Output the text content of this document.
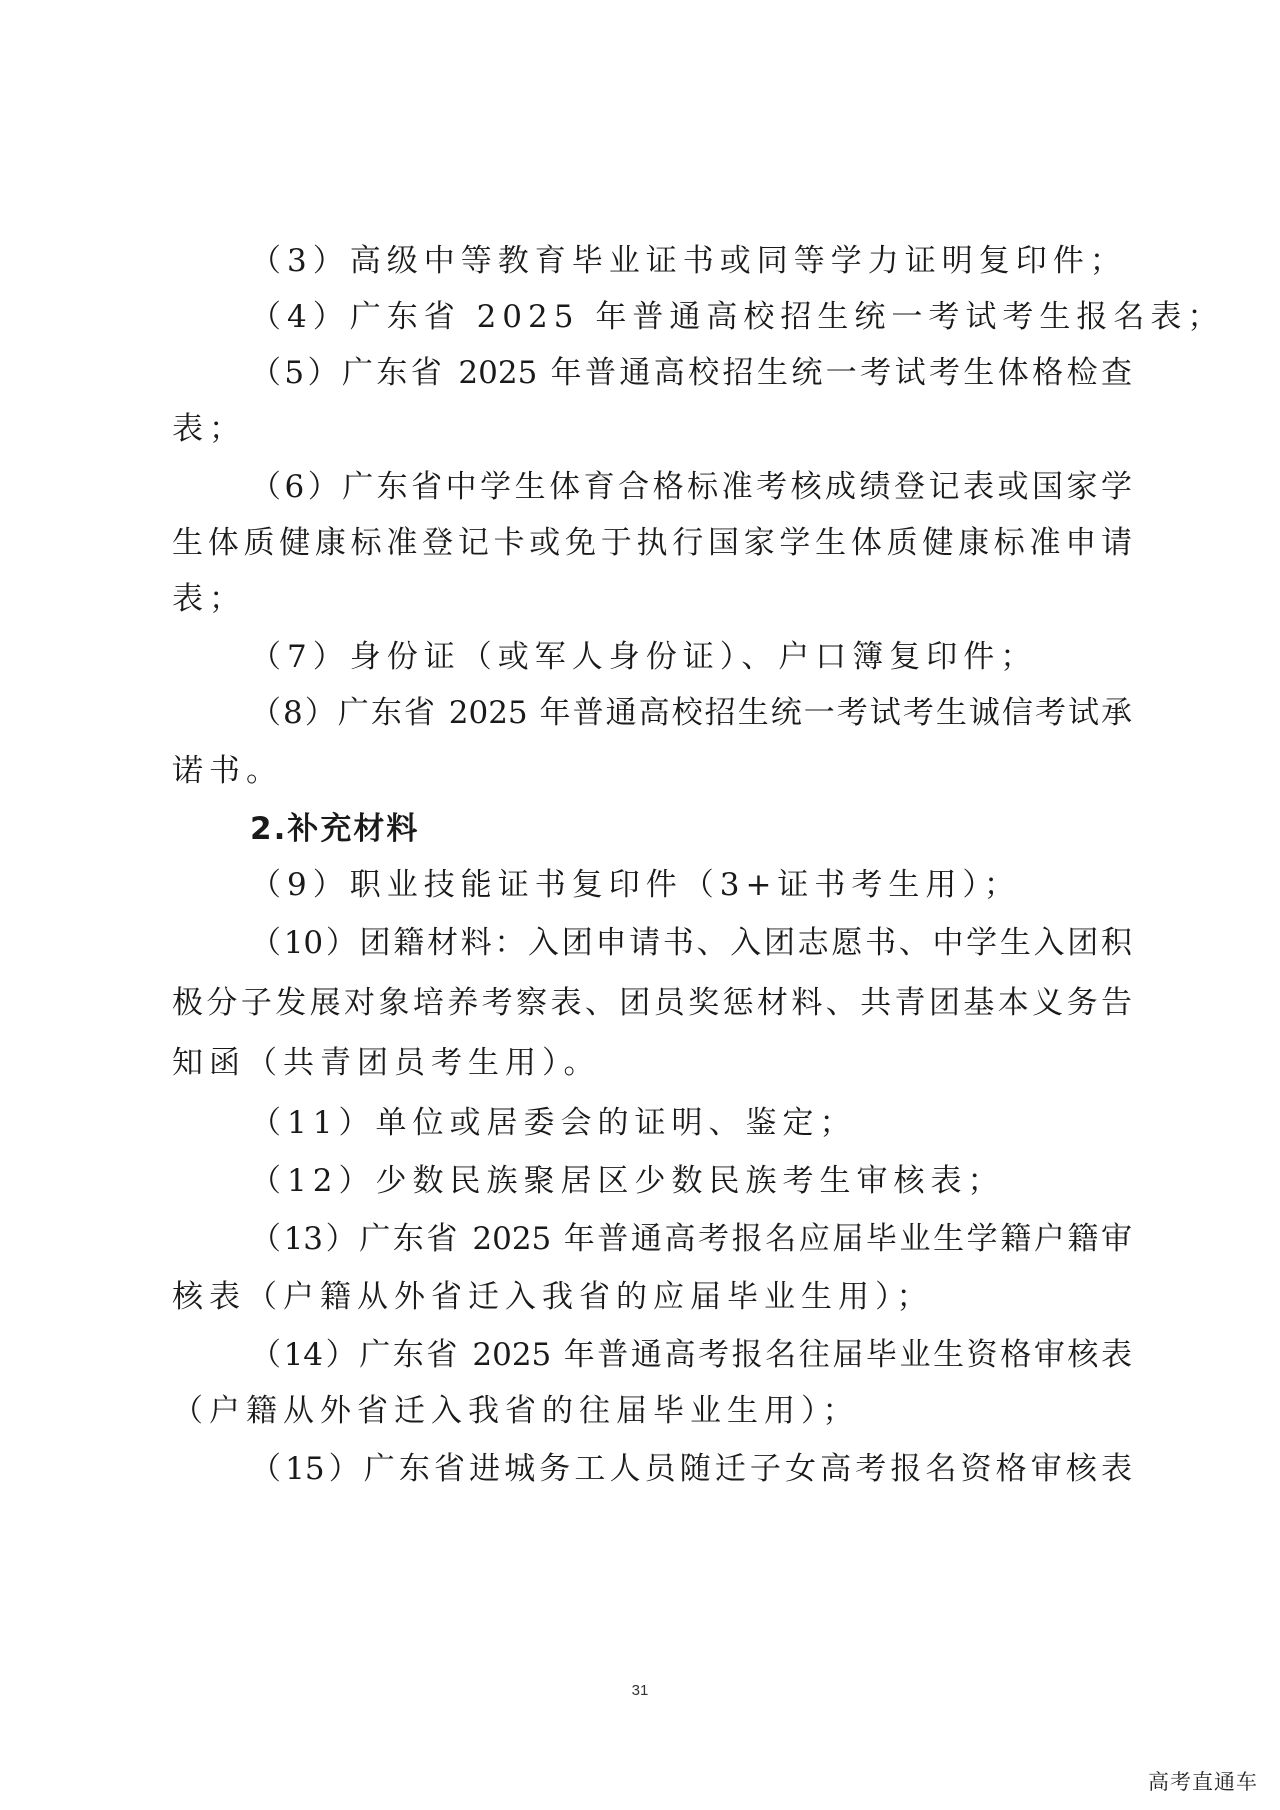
（3）高级中等教育毕业证书或同等学力证明复印件；
（4）广东省 2025 年普通高校招生统一考试考生报名表；
（5）广东省 2025 年普通高校招生统一考试考生体格检查
表；
（6）广东省中学生体育合格标准考核成绩登记表或国家学
生体质健康标准登记卡或免于执行国家学生体质健康标准申请
表；
（7）身份证（或军人身份证）、户口簿复印件；
（8）广东省 2025 年普通高校招生统一考试考生诚信考试承
诺书。
2.补充材料
（9）职业技能证书复印件（3+证书考生用）；
（10）团籍材料：入团申请书、入团志愿书、中学生入团积
极分子发展对象培养考察表、团员奖惩材料、共青团基本义务告
知函（共青团员考生用）。
（11）单位或居委会的证明、鉴定；
（12）少数民族聚居区少数民族考生审核表；
（13）广东省 2025 年普通高考报名应届毕业生学籍户籍审
核表（户籍从外省迁入我省的应届毕业生用）；
（14）广东省 2025 年普通高考报名往届毕业生资格审核表
（户籍从外省迁入我省的往届毕业生用）；
（15）广东省进城务工人员随迁子女高考报名资格审核表
31
高考直通车
